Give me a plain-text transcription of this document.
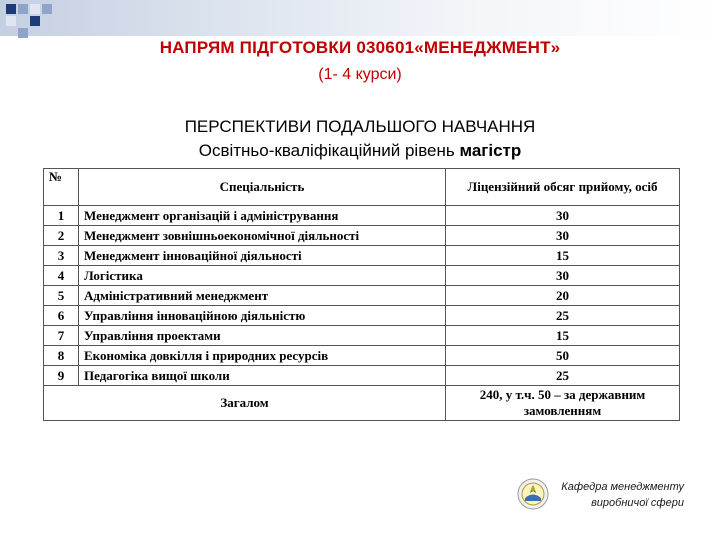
НАПРЯМ ПІДГОТОВКИ 030601«МЕНЕДЖМЕНТ»
(1- 4 курси)
ПЕРСПЕКТИВИ ПОДАЛЬШОГО НАВЧАННЯ
Освітньо-кваліфікаційний рівень магістр
№	Спеціальність	Ліцензійний обсяг прийому, осіб
1	Менеджмент організацій і адміністрування	30
2	Менеджмент зовнішньоекономічної діяльності	30
3	Менеджмент інноваційної діяльності	15
4	Логістика	30
5	Адміністративний менеджмент	20
6	Управління інноваційною діяльністю	25
7	Управління проектами	15
8	Економіка довкілля і природних ресурсів	50
9	Педагогіка вищої школи	25
Загалом		240, у т.ч. 50 – за державним замовленням
Кафедра менеджменту
виробничої сфери
